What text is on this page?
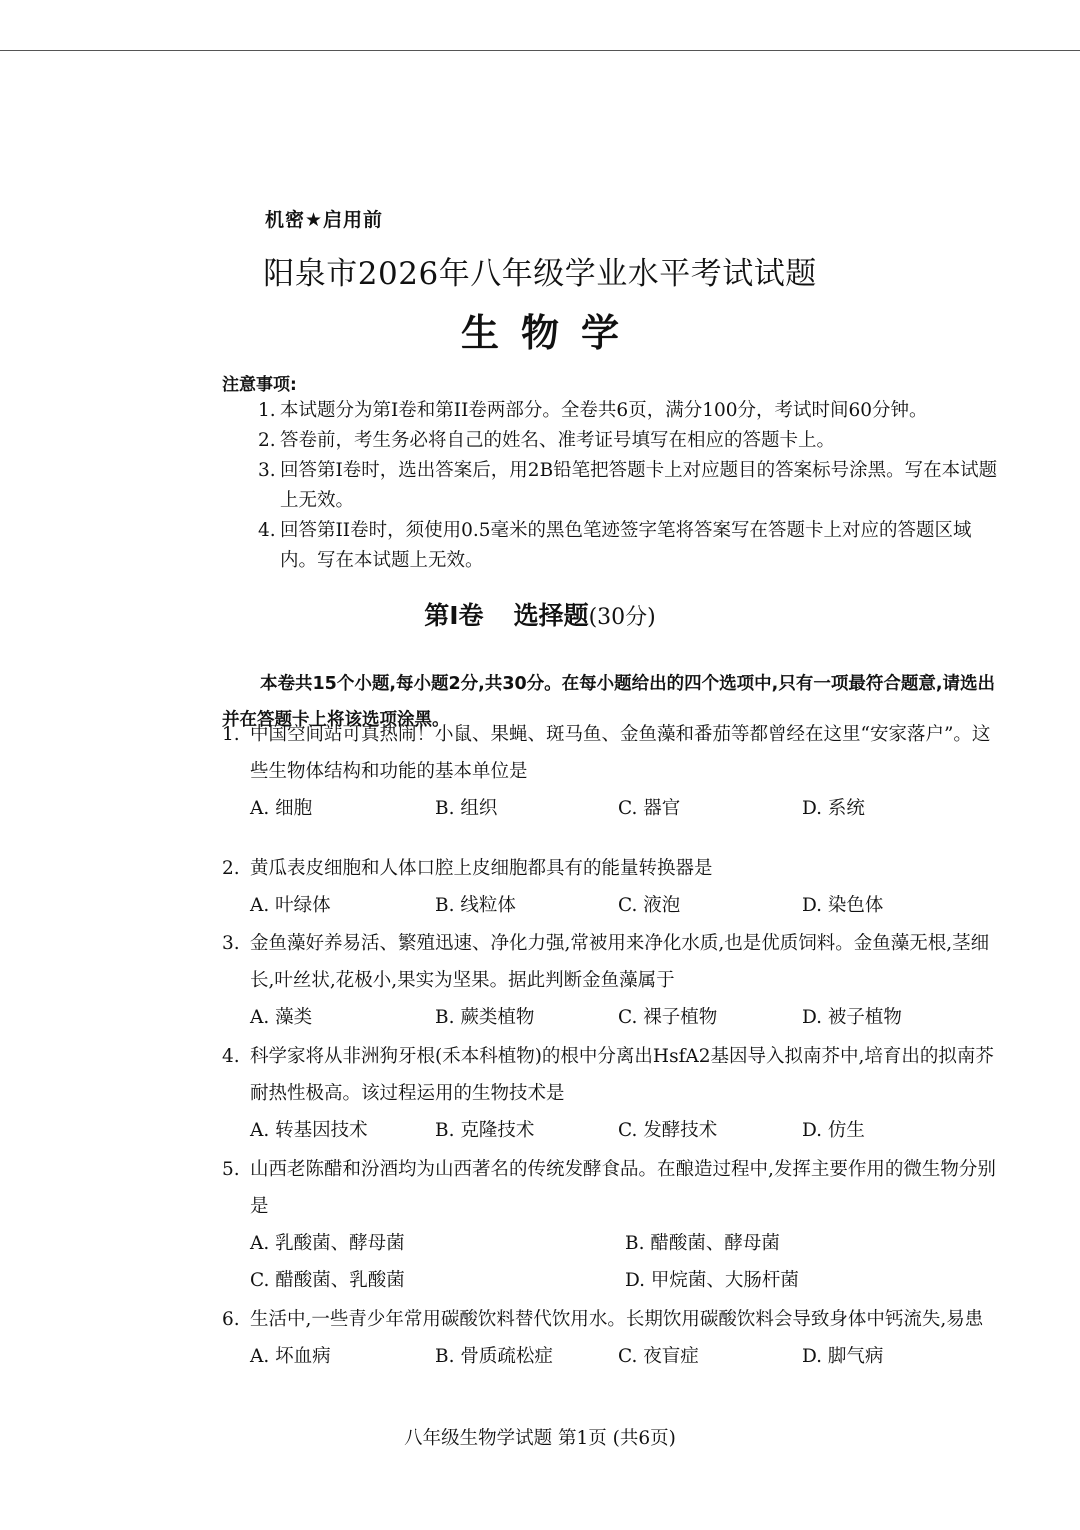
机密★启用前
阳泉市2026年八年级学业水平考试试题
生物学
注意事项:
1. 本试题分为第I卷和第II卷两部分。全卷共6页，满分100分，考试时间60分钟。
2. 答卷前，考生务必将自己的姓名、准考证号填写在相应的答题卡上。
3. 回答第I卷时，选出答案后，用2B铅笔把答题卡上对应题目的答案标号涂黑。写在本试题上无效。
4. 回答第II卷时，须使用0.5毫米的黑色笔迹签字笔将答案写在答题卡上对应的答题区域内。写在本试题上无效。
第I卷 选择题(30分)
本卷共15个小题,每小题2分,共30分。在每小题给出的四个选项中,只有一项最符合题意,请选出并在答题卡上将该选项涂黑。
1. 中国空间站可真热闹！小鼠、果蝇、斑马鱼、金鱼藻和番茄等都曾经在这里“安家落户”。这些生物体结构和功能的基本单位是
A. 细胞	B. 组织	C. 器官	D. 系统
2. 黄瓜表皮细胞和人体口腔上皮细胞都具有的能量转换器是
A. 叶绿体	B. 线粒体	C. 液泡	D. 染色体
3. 金鱼藻好养易活、繁殖迅速、净化力强,常被用来净化水质,也是优质饲料。金鱼藻无根,茎细长,叶丝状,花极小,果实为坚果。据此判断金鱼藻属于
A. 藻类	B. 蕨类植物	C. 裸子植物	D. 被子植物
4. 科学家将从非洲狗牙根(禾本科植物)的根中分离出HsfA2基因导入拟南芥中,培育出的拟南芥耐热性极高。该过程运用的生物技术是
A. 转基因技术	B. 克隆技术	C. 发酵技术	D. 仿生
5. 山西老陈醋和汾酒均为山西著名的传统发酵食品。在酿造过程中,发挥主要作用的微生物分别是
A. 乳酸菌、酵母菌	B. 醋酸菌、酵母菌
C. 醋酸菌、乳酸菌	D. 甲烷菌、大肠杆菌
6. 生活中,一些青少年常用碳酸饮料替代饮用水。长期饮用碳酸饮料会导致身体中钙流失,易患
A. 坏血病	B. 骨质疏松症	C. 夜盲症	D. 脚气病
八年级生物学试题 第1页 (共6页)
